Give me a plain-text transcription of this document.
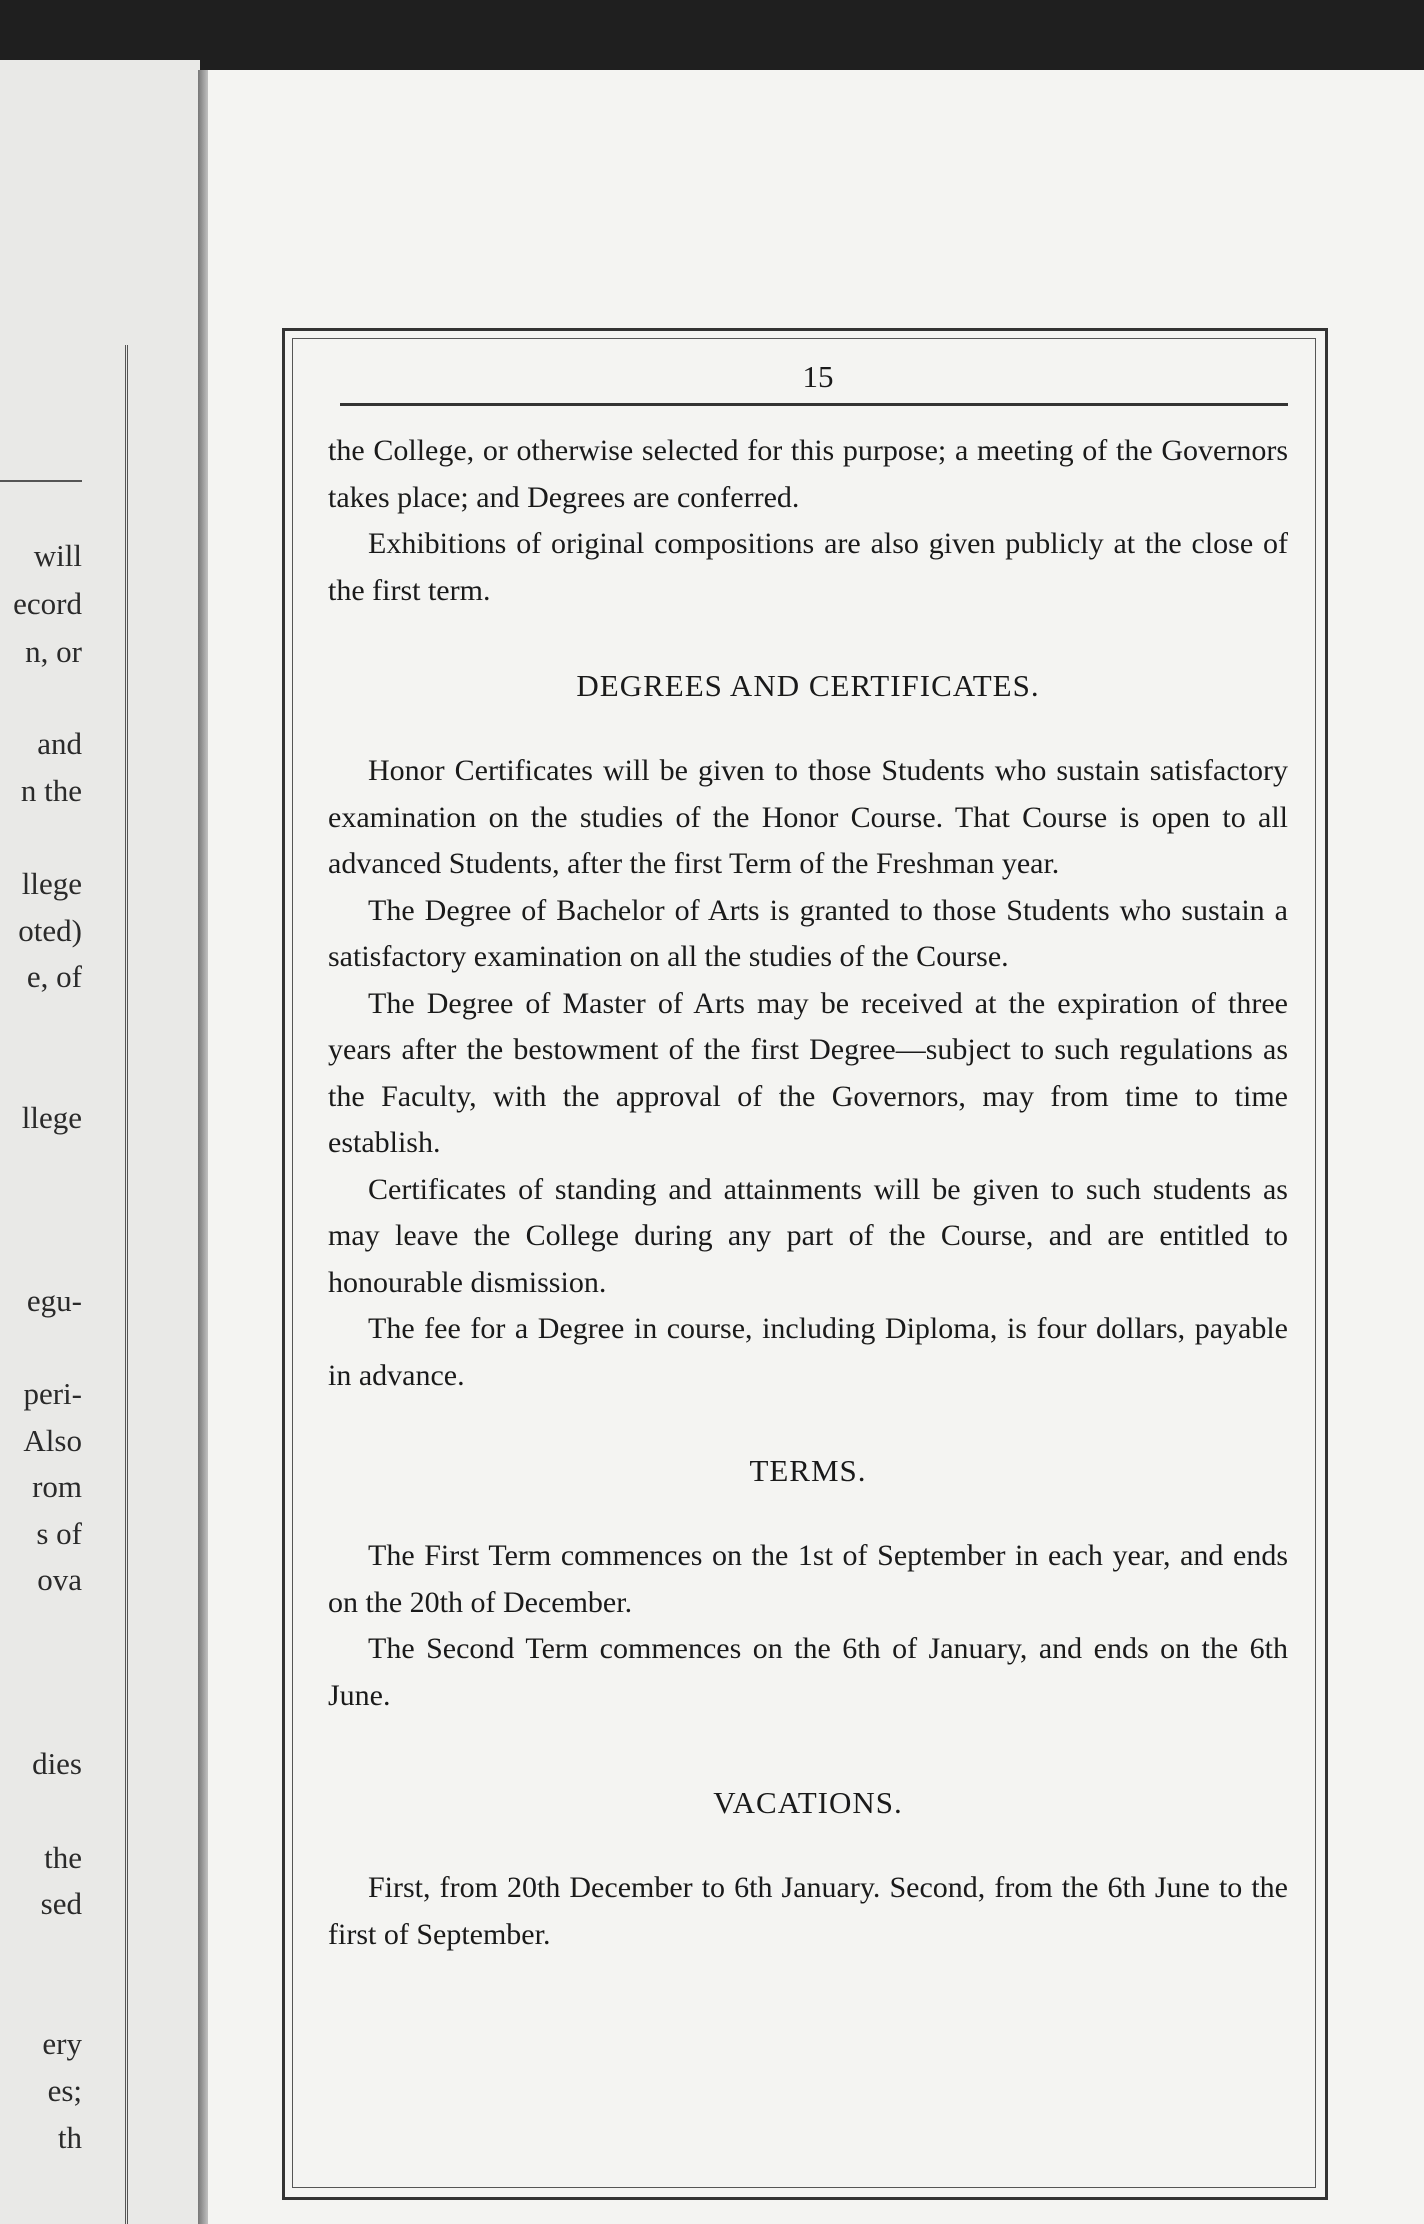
will
ecord
n, or
and
n the
llege
oted)
e, of
llege
egu-
peri-
Also
rom
s of
ova
dies
the
sed
ery
es;
th
15

the College, or otherwise selected for this purpose; a meeting of the Governors takes place; and Degrees are conferred.

Exhibitions of original compositions are also given publicly at the close of the first term.

DEGREES AND CERTIFICATES.

Honor Certificates will be given to those Students who sustain satisfactory examination on the studies of the Honor Course. That Course is open to all advanced Students, after the first Term of the Freshman year.

The Degree of Bachelor of Arts is granted to those Students who sustain a satisfactory examination on all the studies of the Course.

The Degree of Master of Arts may be received at the expiration of three years after the bestowment of the first Degree—subject to such regulations as the Faculty, with the approval of the Governors, may from time to time establish.

Certificates of standing and attainments will be given to such students as may leave the College during any part of the Course, and are entitled to honourable dismission.

The fee for a Degree in course, including Diploma, is four dollars, payable in advance.

TERMS.

The First Term commences on the 1st of September in each year, and ends on the 20th of December.

The Second Term commences on the 6th of January, and ends on the 6th June.

VACATIONS.

First, from 20th December to 6th January. Second, from the 6th June to the first of September.
